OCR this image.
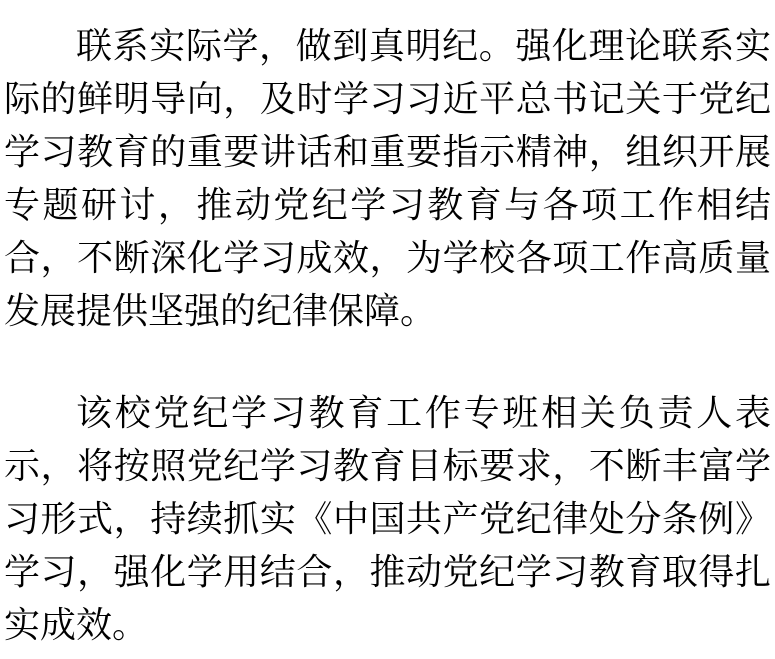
联系实际学，做到真明纪。强化理论联系实际的鲜明导向，及时学习习近平总书记关于党纪学习教育的重要讲话和重要指示精神，组织开展专题研讨，推动党纪学习教育与各项工作相结合，不断深化学习成效，为学校各项工作高质量发展提供坚强的纪律保障。

该校党纪学习教育工作专班相关负责人表示，将按照党纪学习教育目标要求，不断丰富学习形式，持续抓实《中国共产党纪律处分条例》学习，强化学用结合，推动党纪学习教育取得扎实成效。
